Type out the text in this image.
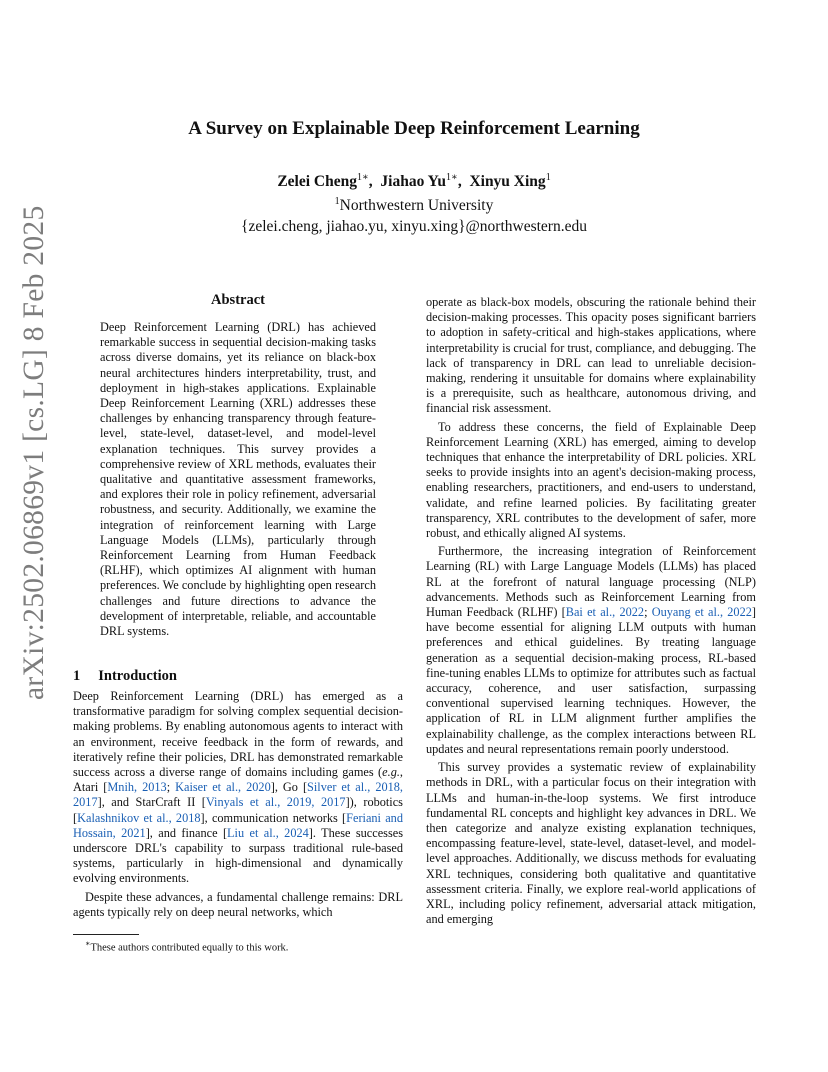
arXiv:2502.06869v1 [cs.LG] 8 Feb 2025
A Survey on Explainable Deep Reinforcement Learning
Zelei Cheng$^{1∗}$,  Jiahao $Yu^{1∗}$,  Xinyu Xing$^1$
$^1$Northwestern University
{zelei.cheng, jiahao.yu, xinyu.xing}@northwestern.edu
Abstract

Deep Reinforcement Learning (DRL) has achieved remarkable success in sequential decision-making tasks across diverse domains, yet its reliance on black-box neural architectures hinders interpretability, trust, and deployment in high-stakes applications. Explainable Deep Reinforcement Learning (XRL) addresses these challenges by enhancing transparency through feature-level, state-level, dataset-level, and model-level explanation techniques. This survey provides a comprehensive review of XRL methods, evaluates their qualitative and quantitative assessment frameworks, and explores their role in policy refinement, adversarial robustness, and security. Additionally, we examine the integration of reinforcement learning with Large Language Models (LLMs), particularly through Reinforcement Learning from Human Feedback (RLHF), which optimizes AI alignment with human preferences. We conclude by highlighting open research challenges and future directions to advance the development of interpretable, reliable, and accountable DRL systems.

1 Introduction

Deep Reinforcement Learning (DRL) has emerged as a transformative paradigm for solving complex sequential decision-making problems. By enabling autonomous agents to interact with an environment, receive feedback in the form of rewards, and iteratively refine their policies, DRL has demonstrated remarkable success across a diverse range of domains including games (e.g., Atari [Mnih, 2013; Kaiser et al., 2020], Go [Silver et al., 2018, 2017], and StarCraft II [Vinyals et al., 2019, 2017]), robotics [Kalashnikov et al., 2018], communication networks [Feriani and Hossain, 2021], and finance [Liu et al., 2024]. These successes underscore DRL's capability to surpass traditional rule-based systems, particularly in high-dimensional and dynamically evolving environments.

Despite these advances, a fundamental challenge remains: DRL agents typically rely on deep neural networks, which

operate as black-box models, obscuring the rationale behind their decision-making processes. This opacity poses significant barriers to adoption in safety-critical and high-stakes applications, where interpretability is crucial for trust, compliance, and debugging. The lack of transparency in DRL can lead to unreliable decision-making, rendering it unsuitable for domains where explainability is a prerequisite, such as healthcare, autonomous driving, and financial risk assessment.

To address these concerns, the field of Explainable Deep Reinforcement Learning (XRL) has emerged, aiming to develop techniques that enhance the interpretability of DRL policies. XRL seeks to provide insights into an agent's decision-making process, enabling researchers, practitioners, and end-users to understand, validate, and refine learned policies. By facilitating greater transparency, XRL contributes to the development of safer, more robust, and ethically aligned AI systems.

Furthermore, the increasing integration of Reinforcement Learning (RL) with Large Language Models (LLMs) has placed RL at the forefront of natural language processing (NLP) advancements. Methods such as Reinforcement Learning from Human Feedback (RLHF) [Bai et al., 2022; Ouyang et al., 2022] have become essential for aligning LLM outputs with human preferences and ethical guidelines. By treating language generation as a sequential decision-making process, RL-based fine-tuning enables LLMs to optimize for attributes such as factual accuracy, coherence, and user satisfaction, surpassing conventional supervised learning techniques. However, the application of RL in LLM alignment further amplifies the explainability challenge, as the complex interactions between RL updates and neural representations remain poorly understood.

This survey provides a systematic review of explainability methods in DRL, with a particular focus on their integration with LLMs and human-in-the-loop systems. We first introduce fundamental RL concepts and highlight key advances in DRL. We then categorize and analyze existing explanation techniques, encompassing feature-level, state-level, dataset-level, and model-level approaches. Additionally, we discuss methods for evaluating XRL techniques, considering both qualitative and quantitative assessment criteria. Finally, we explore real-world applications of XRL, including policy refinement, adversarial attack mitigation, and emerging

∗These authors contributed equally to this work.
